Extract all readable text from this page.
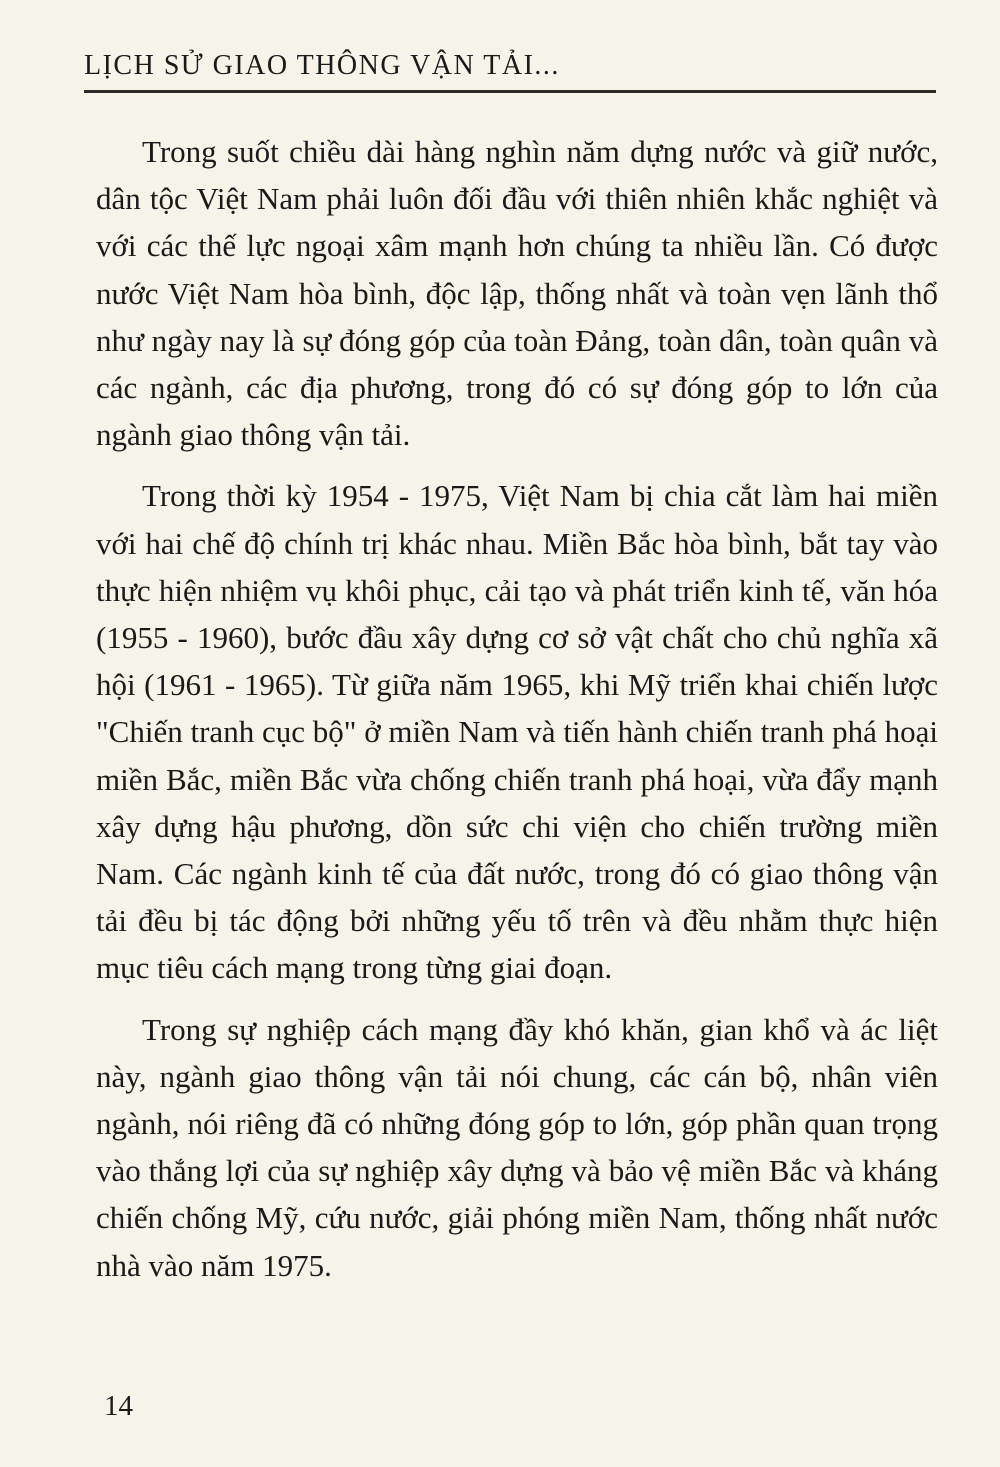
LỊCH SỬ GIAO THÔNG VẬN TẢI...

Trong suốt chiều dài hàng nghìn năm dựng nước và giữ nước, dân tộc Việt Nam phải luôn đối đầu với thiên nhiên khắc nghiệt và với các thế lực ngoại xâm mạnh hơn chúng ta nhiều lần. Có được nước Việt Nam hòa bình, độc lập, thống nhất và toàn vẹn lãnh thổ như ngày nay là sự đóng góp của toàn Đảng, toàn dân, toàn quân và các ngành, các địa phương, trong đó có sự đóng góp to lớn của ngành giao thông vận tải.

Trong thời kỳ 1954 - 1975, Việt Nam bị chia cắt làm hai miền với hai chế độ chính trị khác nhau. Miền Bắc hòa bình, bắt tay vào thực hiện nhiệm vụ khôi phục, cải tạo và phát triển kinh tế, văn hóa (1955 - 1960), bước đầu xây dựng cơ sở vật chất cho chủ nghĩa xã hội (1961 - 1965). Từ giữa năm 1965, khi Mỹ triển khai chiến lược "Chiến tranh cục bộ" ở miền Nam và tiến hành chiến tranh phá hoại miền Bắc, miền Bắc vừa chống chiến tranh phá hoại, vừa đẩy mạnh xây dựng hậu phương, dồn sức chi viện cho chiến trường miền Nam. Các ngành kinh tế của đất nước, trong đó có giao thông vận tải đều bị tác động bởi những yếu tố trên và đều nhằm thực hiện mục tiêu cách mạng trong từng giai đoạn.

Trong sự nghiệp cách mạng đầy khó khăn, gian khổ và ác liệt này, ngành giao thông vận tải nói chung, các cán bộ, nhân viên ngành, nói riêng đã có những đóng góp to lớn, góp phần quan trọng vào thắng lợi của sự nghiệp xây dựng và bảo vệ miền Bắc và kháng chiến chống Mỹ, cứu nước, giải phóng miền Nam, thống nhất nước nhà vào năm 1975.

14
